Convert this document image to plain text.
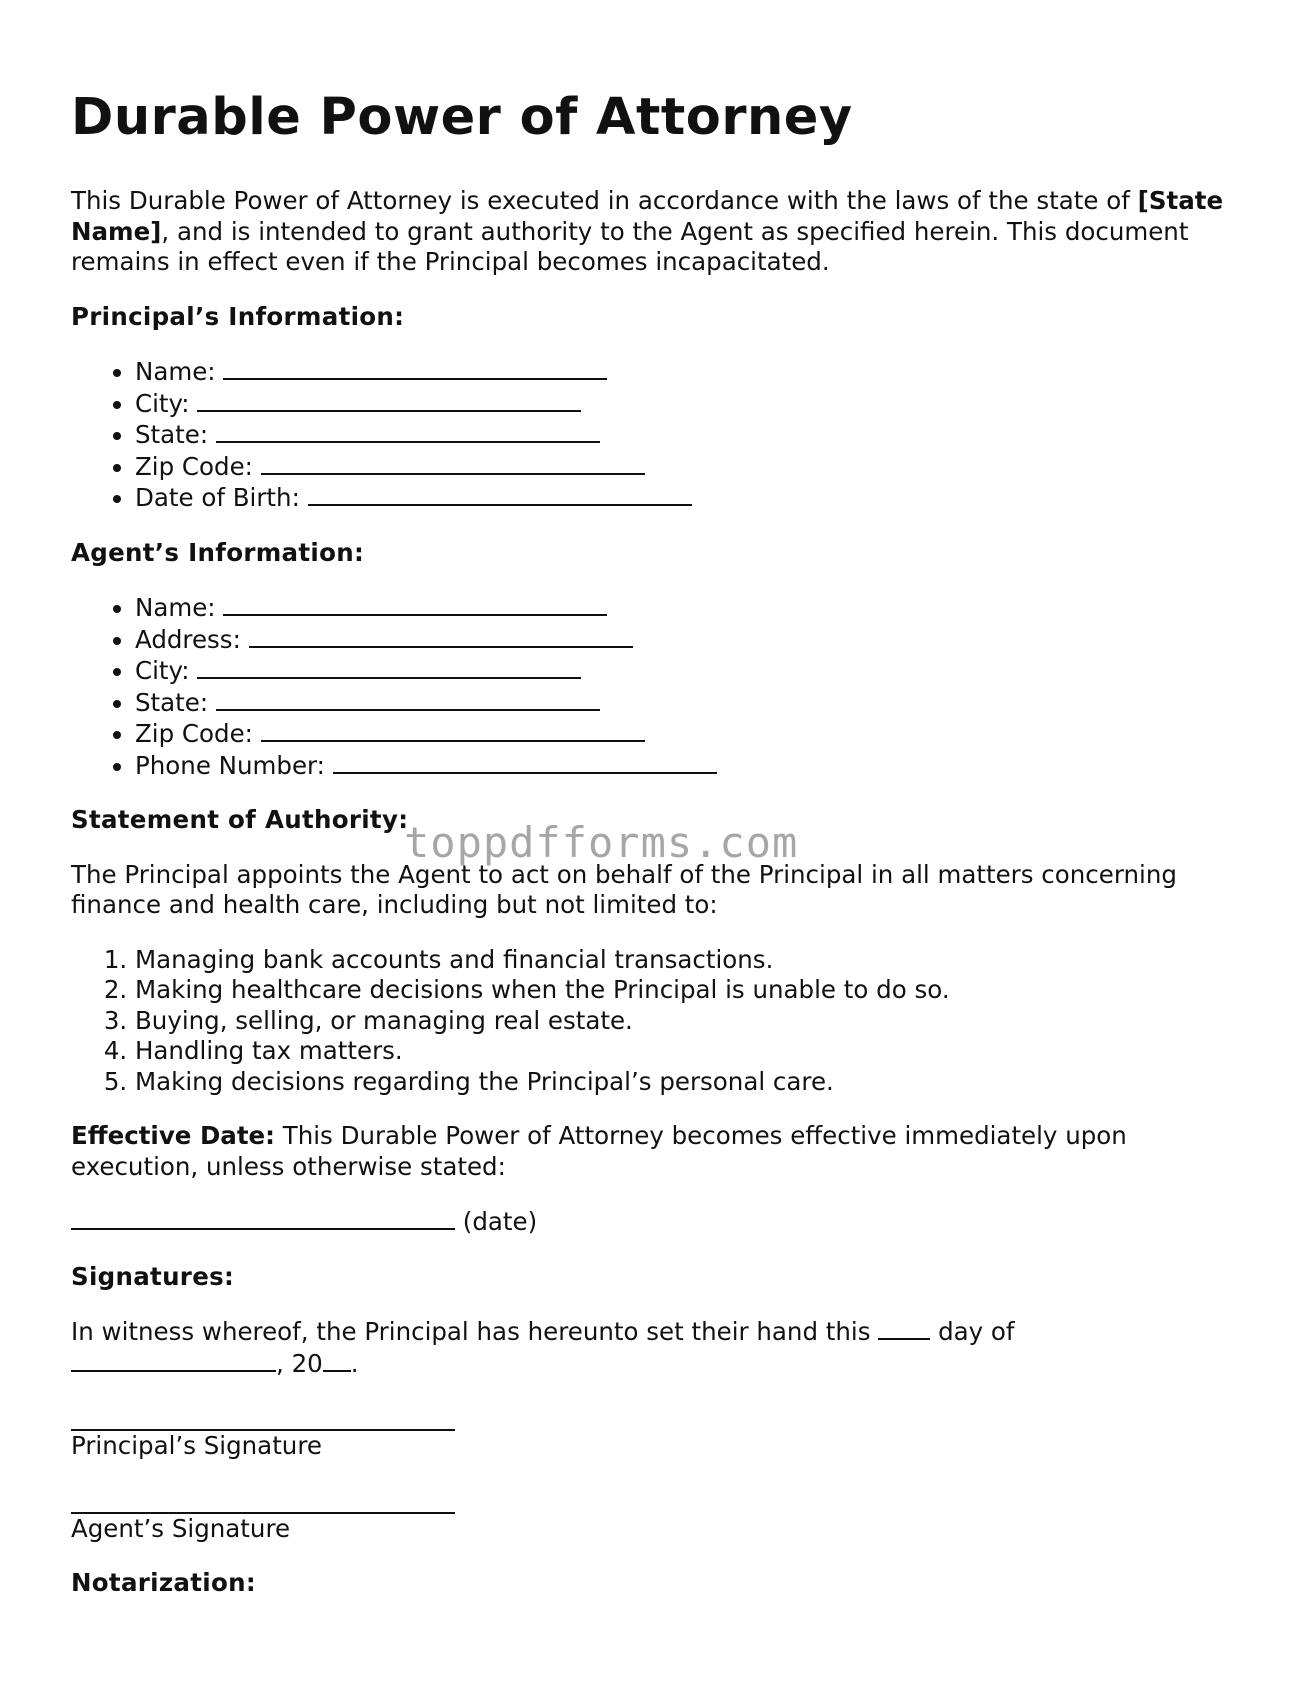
Durable Power of Attorney

This Durable Power of Attorney is executed in accordance with the laws of the state of [State Name], and is intended to grant authority to the Agent as specified herein. This document remains in effect even if the Principal becomes incapacitated.

Principal’s Information:
• Name:
• City:
• State:
• Zip Code:
• Date of Birth:
Agent’s Information:
• Name:
• Address:
• City:
• State:
• Zip Code:
• Phone Number:
Statement of Authority:

The Principal appoints the Agent to act on behalf of the Principal in all matters concerning finance and health care, including but not limited to:

1. Managing bank accounts and financial transactions.
2. Making healthcare decisions when the Principal is unable to do so.
3. Buying, selling, or managing real estate.
4. Handling tax matters.
5. Making decisions regarding the Principal’s personal care.

Effective Date: This Durable Power of Attorney becomes effective immediately upon execution, unless otherwise stated:

(date)

Signatures:

In witness whereof, the Principal has hereunto set their hand this  day of
, 20 .

Principal’s Signature

Agent’s Signature

Notarization:
toppdfforms.com
